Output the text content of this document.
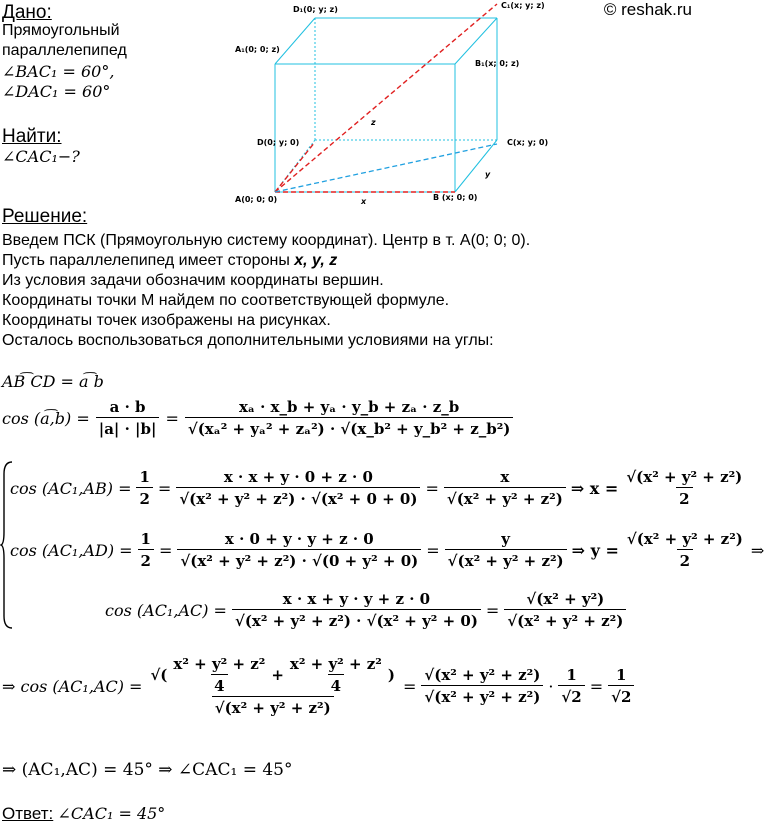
© reshak.ru
Дано:
Прямоугольный
параллелепипед
∠BAC₁ = 60°,
∠DAC₁ = 60°
Найти:
∠CAC₁−?
D₁(0; y; z)	C₁(x; y; z)
A₁(0; 0; z)
B₁(x; 0; z)
D(0; y; 0)	C(x; y; 0)
A(0; 0; 0)	B (x; 0; 0)
x
y
z
Решение:
Введем ПСК (Прямоугольную систему координат). Центр в т. A(0; 0; 0).
Пусть параллелепипед имеет стороны x, y, z
Из условия задачи обозначим координаты вершин.
Координаты точки M найдем по соответствующей формуле.
Координаты точек изображены на рисунках.
Осталось воспользоваться дополнительными условиями на углы:
AB͡ CD = a͡ b
cos (a͡,b) = $\frac{a \cdot b}{|a| \cdot |b|} = \frac{\text{xₐ · x\_b + yₐ · y\_b + zₐ · z\_b}}{\text{√(xₐ² + yₐ² + zₐ²) · √(x\_b² + y\_b² + z\_b²)}}$
$\cos (AC_1,AB) = \frac{1}{2} = \frac{x \cdot x + y \cdot 0 + z \cdot 0}{\text{√(x² + y² + z²) · √(x² + 0 + 0)}} = \frac{x}{\text{√(x² + y² + z²)}}$ ⇒ $x = \frac{\text{√(x² + y² + z²)}}{2}$
$\cos (AC_1,AD) = \frac{1}{2} = \frac{x \cdot 0 + y \cdot y + z \cdot 0}{\text{√(x² + y² + z²) · √(0 + y² + 0)}} = \frac{y}{\text{√(x² + y² + z²)}}$ ⇒ $y = \frac{\text{√(x² + y² + z²)}}{2}$ ⇒
$\cos (AC_1,AC) = \frac{x \cdot x + y \cdot y + z \cdot 0}{\text{√(x² + y² + z²) · √(x² + y² + 0)}} = \frac{\text{√(x² + y²)}}{\text{√(x² + y² + z²)}}$
⇒ $\cos (AC_1,AC) = \frac{√( \frac{\text{x² + y² + z²}}{4} + \frac{\text{x² + y² + z²}}{4} )}{\text{√(x² + y² + z²)}} = \frac{\text{√(x² + y² + z²)}}{\text{√(x² + y² + z²)}} \cdot \frac{1}{√2} = \frac{1}{√2}$
⇒ (AC₁,AC) = 45° ⇒ ∠CAC₁ = 45°
Ответ: ∠CAC₁ = 45°
